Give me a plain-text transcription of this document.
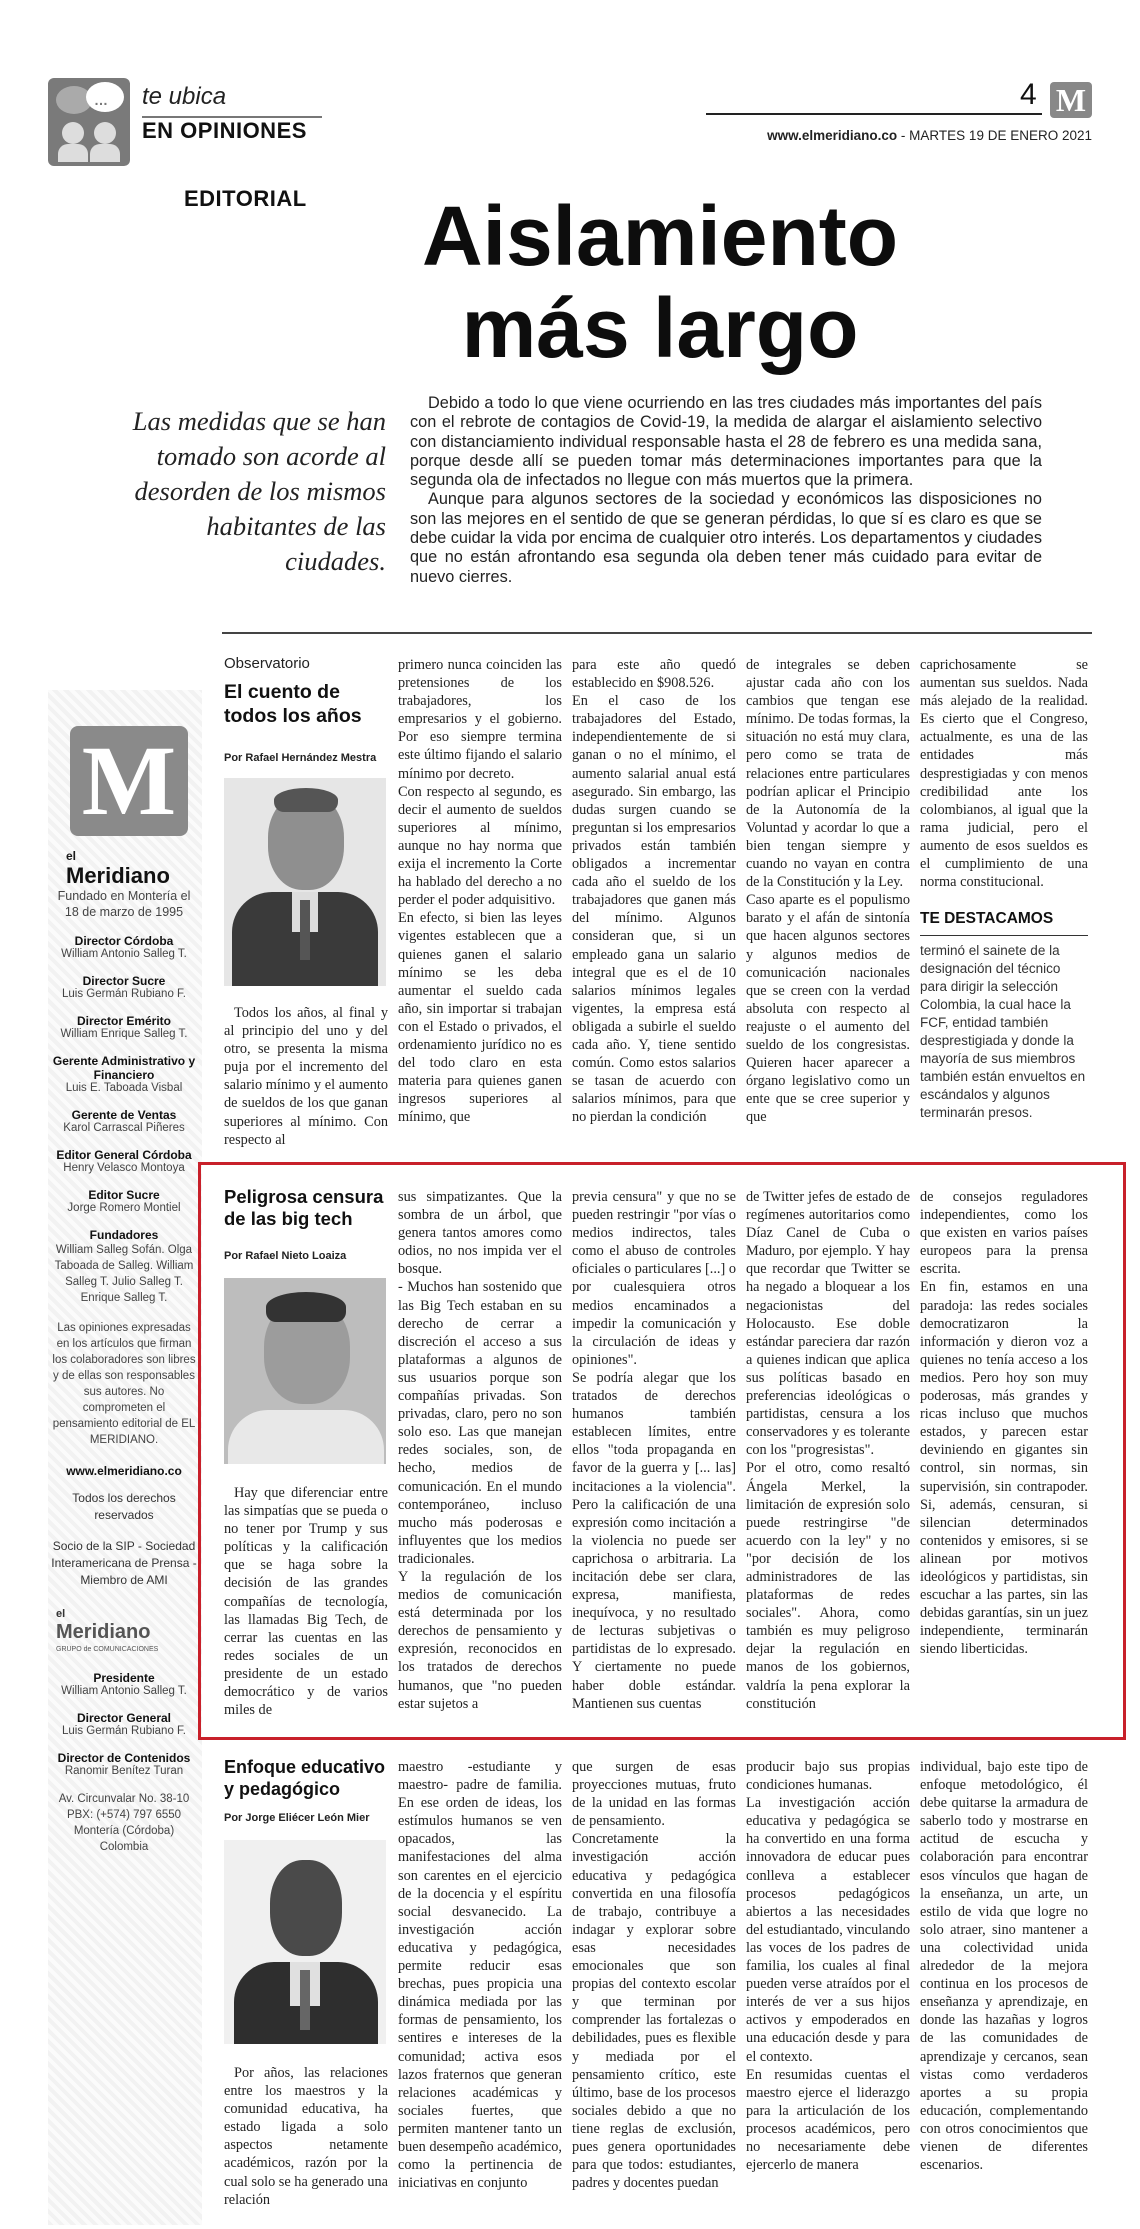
… te ubica
EN OPINIONES
4 M
www.elmeridiano.co - MARTES 19 DE ENERO 2021
EDITORIAL	Aislamiento
más largo
Las medidas que se han tomado son acorde al desorden de los mismos habitantes de las ciudades.

Debido a todo lo que viene ocurriendo en las tres ciudades más importantes del país con el rebrote de contagios de Covid-19, la medida de alargar el aislamiento selectivo con distanciamiento individual responsable hasta el 28 de febrero es una medida sana, porque desde allí se pueden tomar más determinaciones importantes para que la segunda ola de infectados no llegue con más muertos que la primera.

Aunque para algunos sectores de la sociedad y económicos las disposiciones no son las mejores en el sentido de que se generan pérdidas, lo que sí es claro es que se debe cuidar la vida por encima de cualquier otro interés. Los departamentos y ciudades que no están afrontando esa segunda ola deben tener más cuidado para evitar de nuevo cierres.

M
el
Meridiano
Fundado en Montería el 18 de marzo de 1995
Director Córdoba
William Antonio Salleg T.
Director Sucre
Luis Germán Rubiano F.
Director Emérito
William Enrique Salleg T.
Gerente Administrativo y Financiero
Luis E. Taboada Visbal
Gerente de Ventas
Karol Carrascal Piñeres
Editor General Córdoba
Henry Velasco Montoya
Editor Sucre
Jorge Romero Montiel
Fundadores
William Salleg Sofán. Olga Taboada de Salleg. William Salleg T. Julio Salleg T. Enrique Salleg T.
Las opiniones expresadas en los artículos que firman los colaboradores son libres y de ellas son responsables sus autores. No comprometen el pensamiento editorial de EL MERIDIANO.
www.elmeridiano.co
Todos los derechos reservados
Socio de la SIP - Sociedad Interamericana de Prensa - Miembro de AMI
el
Meridiano
GRUPO de COMUNICACIONES
Presidente
William Antonio Salleg T.
Director General
Luis Germán Rubiano F.
Director de Contenidos
Ranomir Benítez Turan
Av. Circunvalar No. 38-10 PBX: (+574) 797 6550 Montería (Córdoba) Colombia
Observatorio
El cuento de todos los años
Por Rafael Hernández Mestra
Todos los años, al final y al principio del uno y del otro, se presenta la misma puja por el incremento del salario mínimo y el aumento de sueldos de los que ganan superiores al mínimo. Con respecto al
primero nunca coinciden las pretensiones de los trabajadores, los empresarios y el gobierno. Por eso siempre termina este último fijando el salario mínimo por decreto.
Con respecto al segundo, es decir el aumento de sueldos superiores al mínimo, aunque no hay norma que exija el incremento la Corte ha hablado del derecho a no perder el poder adquisitivo.
En efecto, si bien las leyes vigentes establecen que a quienes ganen el salario mínimo se les deba aumentar el sueldo cada año, sin importar si trabajan con el Estado o privados, el ordenamiento jurídico no es del todo claro en esta materia para quienes ganen ingresos superiores al mínimo, que
para este año quedó establecido en $908.526.
En el caso de los trabajadores del Estado, independientemente de si ganan o no el mínimo, el aumento salarial anual está asegurado. Sin embargo, las dudas surgen cuando se preguntan si los empresarios privados están también obligados a incrementar cada año el sueldo de los trabajadores que ganen más del mínimo. Algunos consideran que, si un empleado gana un salario integral que es el de 10 salarios mínimos legales vigentes, la empresa está obligada a subirle el sueldo cada año. Y, tiene sentido común. Como estos salarios se tasan de acuerdo con salarios mínimos, para que no pierdan la condición
de integrales se deben ajustar cada año con los cambios que tengan ese mínimo. De todas formas, la situación no está muy clara, pero como se trata de relaciones entre particulares podrían aplicar el Principio de la Autonomía de la Voluntad y acordar lo que a bien tengan siempre y cuando no vayan en contra de la Constitución y la Ley.
Caso aparte es el populismo barato y el afán de sintonía que hacen algunos sectores y algunos medios de comunicación nacionales que se creen con la verdad absoluta con respecto al reajuste o el aumento del sueldo de los congresistas. Quieren hacer aparecer a órgano legislativo como un ente que se cree superior y que
caprichosamente se aumentan sus sueldos. Nada más alejado de la realidad. Es cierto que el Congreso, actualmente, es una de las entidades más desprestigiadas y con menos credibilidad ante los colombianos, al igual que la rama judicial, pero el aumento de esos sueldos es el cumplimiento de una norma constitucional.
TE DESTACAMOS
terminó el sainete de la designación del técnico para dirigir la selección Colombia, la cual hace la FCF, entidad también desprestigiada y donde la mayoría de sus miembros también están envueltos en escándalos y algunos terminarán presos.
Peligrosa censura de las big tech
Por Rafael Nieto Loaiza
Hay que diferenciar entre las simpatías que se pueda o no tener por Trump y sus políticas y la calificación que se haga sobre la decisión de las grandes compañías de tecnología, las llamadas Big Tech, de cerrar las cuentas en las redes sociales de un presidente de un estado democrático y de varios miles de
sus simpatizantes. Que la sombra de un árbol, que genera tantos amores como odios, no nos impida ver el bosque.
- Muchos han sostenido que las Big Tech estaban en su derecho de cerrar a discreción el acceso a sus plataformas a algunos de sus usuarios porque son compañías privadas. Son privadas, claro, pero no son solo eso. Las que manejan redes sociales, son, de hecho, medios de comunicación. En el mundo contemporáneo, incluso mucho más poderosas e influyentes que los medios tradicionales.
Y la regulación de los medios de comunicación está determinada por los derechos de pensamiento y expresión, reconocidos en los tratados de derechos humanos, que "no pueden estar sujetos a
previa censura" y que no se pueden restringir "por vías o medios indirectos, tales como el abuso de controles oficiales o particulares [...] o por cualesquiera otros medios encaminados a impedir la comunicación y la circulación de ideas y opiniones".
Se podría alegar que los tratados de derechos humanos también establecen límites, entre ellos "toda propaganda en favor de la guerra y [... las] incitaciones a la violencia". Pero la calificación de una expresión como incitación a la violencia no puede ser caprichosa o arbitraria. La incitación debe ser clara, expresa, manifiesta, inequívoca, y no resultado de lecturas subjetivas o partidistas de lo expresado. Y ciertamente no puede haber doble estándar. Mantienen sus cuentas
de Twitter jefes de estado de regímenes autoritarios como Díaz Canel de Cuba o Maduro, por ejemplo. Y hay que recordar que Twitter se ha negado a bloquear a los negacionistas del Holocausto. Ese doble estándar pareciera dar razón a quienes indican que aplica sus políticas basado en preferencias ideológicas o partidistas, censura a los conservadores y es tolerante con los "progresistas".
Por el otro, como resaltó Ángela Merkel, la limitación de expresión solo puede restringirse "de acuerdo con la ley" y no "por decisión de los administradores de las plataformas de redes sociales". Ahora, como también es muy peligroso dejar la regulación en manos de los gobiernos, valdría la pena explorar la constitución
de consejos reguladores independientes, como los que existen en varios países europeos para la prensa escrita.
En fin, estamos en una paradoja: las redes sociales democratizaron la información y dieron voz a quienes no tenía acceso a los medios. Pero hoy son muy poderosas, más grandes y ricas incluso que muchos estados, y parecen estar deviniendo en gigantes sin control, sin normas, sin supervisión, sin contrapoder. Si, además, censuran, si silencian determinados contenidos y emisores, si se alinean por motivos ideológicos y partidistas, sin escuchar a las partes, sin las debidas garantías, sin un juez independiente, terminarán siendo liberticidas.
Enfoque educativo y pedagógico
Por Jorge Eliécer León Mier
Por años, las relaciones entre los maestros y la comunidad educativa, ha estado ligada a solo aspectos netamente académicos, razón por la cual solo se ha generado una relación
maestro -estudiante y maestro- padre de familia. En ese orden de ideas, los estímulos humanos se ven opacados, las manifestaciones del alma son carentes en el ejercicio de la docencia y el espíritu social desvanecido. La investigación acción educativa y pedagógica, permite reducir esas brechas, pues propicia una dinámica mediada por las formas de pensamiento, los sentires e intereses de la comunidad; activa esos lazos fraternos que generan relaciones académicas y sociales fuertes, que permiten mantener tanto un buen desempeño académico, como la pertinencia de iniciativas en conjunto
que surgen de esas proyecciones mutuas, fruto de la unidad en las formas de pensamiento.
Concretamente la investigación acción educativa y pedagógica convertida en una filosofía de trabajo, contribuye a indagar y explorar sobre esas necesidades emocionales que son propias del contexto escolar y que terminan por comprender las fortalezas o debilidades, pues es flexible y mediada por el pensamiento crítico, este último, base de los procesos sociales debido a que no tiene reglas de exclusión, pues genera oportunidades para que todos: estudiantes, padres y docentes puedan
producir bajo sus propias condiciones humanas.
La investigación acción educativa y pedagógica se ha convertido en una forma innovadora de educar pues conlleva a establecer procesos pedagógicos abiertos a las necesidades del estudiantado, vinculando las voces de los padres de familia, los cuales al final pueden verse atraídos por el interés de ver a sus hijos activos y empoderados en una educación desde y para el contexto.
En resumidas cuentas el maestro ejerce el liderazgo para la articulación de los procesos académicos, pero no necesariamente debe ejercerlo de manera
individual, bajo este tipo de enfoque metodológico, él debe quitarse la armadura de saberlo todo y mostrarse en actitud de escucha y colaboración para encontrar esos vínculos que hagan de la enseñanza, un arte, un estilo de vida que logre no solo atraer, sino mantener a una colectividad unida alrededor de la mejora continua en los procesos de enseñanza y aprendizaje, en donde las hazañas y logros de las comunidades de aprendizaje y cercanos, sean vistas como verdaderos aportes a su propia educación, complementando con otros conocimientos que vienen de diferentes escenarios.
